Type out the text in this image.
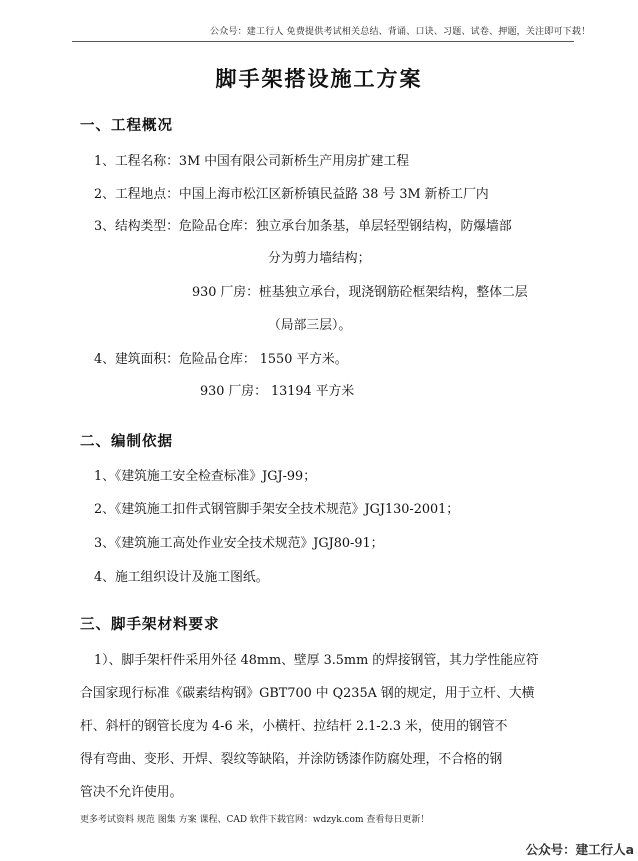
公众号：建工行人 免费提供考试相关总结、背诵、口诀、习题、试卷、押题，关注即可下载！
脚手架搭设施工方案
一、工程概况
1、工程名称：3M 中国有限公司新桥生产用房扩建工程
2、工程地点：中国上海市松江区新桥镇民益路 38 号 3M 新桥工厂内
3、结构类型：危险品仓库：独立承台加条基，单层轻型钢结构，防爆墙部
分为剪力墙结构；
930 厂房：桩基独立承台，现浇钢筋砼框架结构，整体二层
（局部三层）。
4、建筑面积：危险品仓库： 1550 平方米。
930 厂房： 13194 平方米
二、编制依据
1、《建筑施工安全检查标准》JGJ-99；
2、《建筑施工扣件式钢管脚手架安全技术规范》JGJ130-2001；
3、《建筑施工高处作业安全技术规范》JGJ80-91；
4、施工组织设计及施工图纸。
三、脚手架材料要求
1）、脚手架杆件采用外径 48mm、壁厚 3.5mm 的焊接钢管，其力学性能应符
合国家现行标准《碳素结构钢》GBT700 中 Q235A 钢的规定，用于立杆、大横
杆、斜杆的钢管长度为 4-6 米，小横杆、拉结杆 2.1-2.3 米，使用的钢管不
得有弯曲、变形、开焊、裂纹等缺陷，并涂防锈漆作防腐处理，不合格的钢
管决不允许使用。
更多考试资料 规范 图集 方案 课程、CAD 软件下载官网：wdzyk.com 查看每日更新！
公众号：建工行人a
